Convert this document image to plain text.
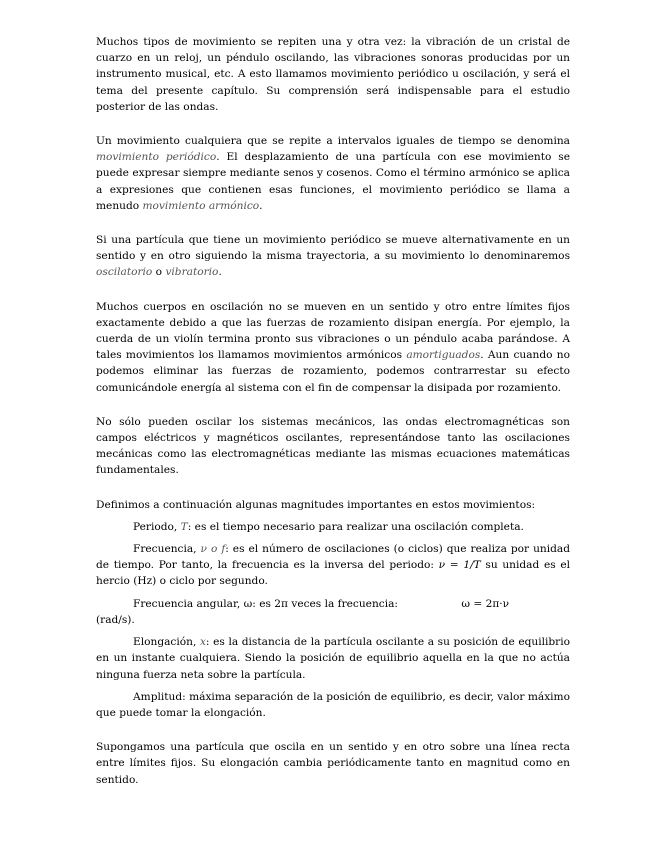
Muchos tipos de movimiento se repiten una y otra vez: la vibración de un cristal de cuarzo en un reloj, un péndulo oscilando, las vibraciones sonoras producidas por un instrumento musical, etc. A esto llamamos movimiento periódico u oscilación, y será el tema del presente capítulo. Su comprensión será indispensable para el estudio posterior de las ondas.

Un movimiento cualquiera que se repite a intervalos iguales de tiempo se denomina movimiento periódico. El desplazamiento de una partícula con ese movimiento se puede expresar siempre mediante senos y cosenos. Como el término armónico se aplica a expresiones que contienen esas funciones, el movimiento periódico se llama a menudo movimiento armónico.

Si una partícula que tiene un movimiento periódico se mueve alternativamente en un sentido y en otro siguiendo la misma trayectoria, a su movimiento lo denominaremos oscilatorio o vibratorio.

Muchos cuerpos en oscilación no se mueven en un sentido y otro entre límites fijos exactamente debido a que las fuerzas de rozamiento disipan energía. Por ejemplo, la cuerda de un violín termina pronto sus vibraciones o un péndulo acaba parándose. A tales movimientos los llamamos movimientos armónicos amortiguados. Aun cuando no podemos eliminar las fuerzas de rozamiento, podemos contrarrestar su efecto comunicándole energía al sistema con el fin de compensar la disipada por rozamiento.

No sólo pueden oscilar los sistemas mecánicos, las ondas electromagnéticas son campos eléctricos y magnéticos oscilantes, representándose tanto las oscilaciones mecánicas como las electromagnéticas mediante las mismas ecuaciones matemáticas fundamentales.

Definimos a continuación algunas magnitudes importantes en estos movimientos:

Periodo, T: es el tiempo necesario para realizar una oscilación completa.

Frecuencia, ν o f: es el número de oscilaciones (o ciclos) que realiza por unidad de tiempo. Por tanto, la frecuencia es la inversa del periodo: ν = 1/T su unidad es el hercio (Hz) o ciclo por segundo.

Frecuencia angular, ω: es 2π veces la frecuencia:	ω = 2π·ν

(rad/s).

Elongación, x: es la distancia de la partícula oscilante a su posición de equilibrio en un instante cualquiera. Siendo la posición de equilibrio aquella en la que no actúa ninguna fuerza neta sobre la partícula.

Amplitud: máxima separación de la posición de equilibrio, es decir, valor máximo que puede tomar la elongación.

Supongamos una partícula que oscila en un sentido y en otro sobre una línea recta entre límites fijos. Su elongación cambia periódicamente tanto en magnitud como en sentido.
